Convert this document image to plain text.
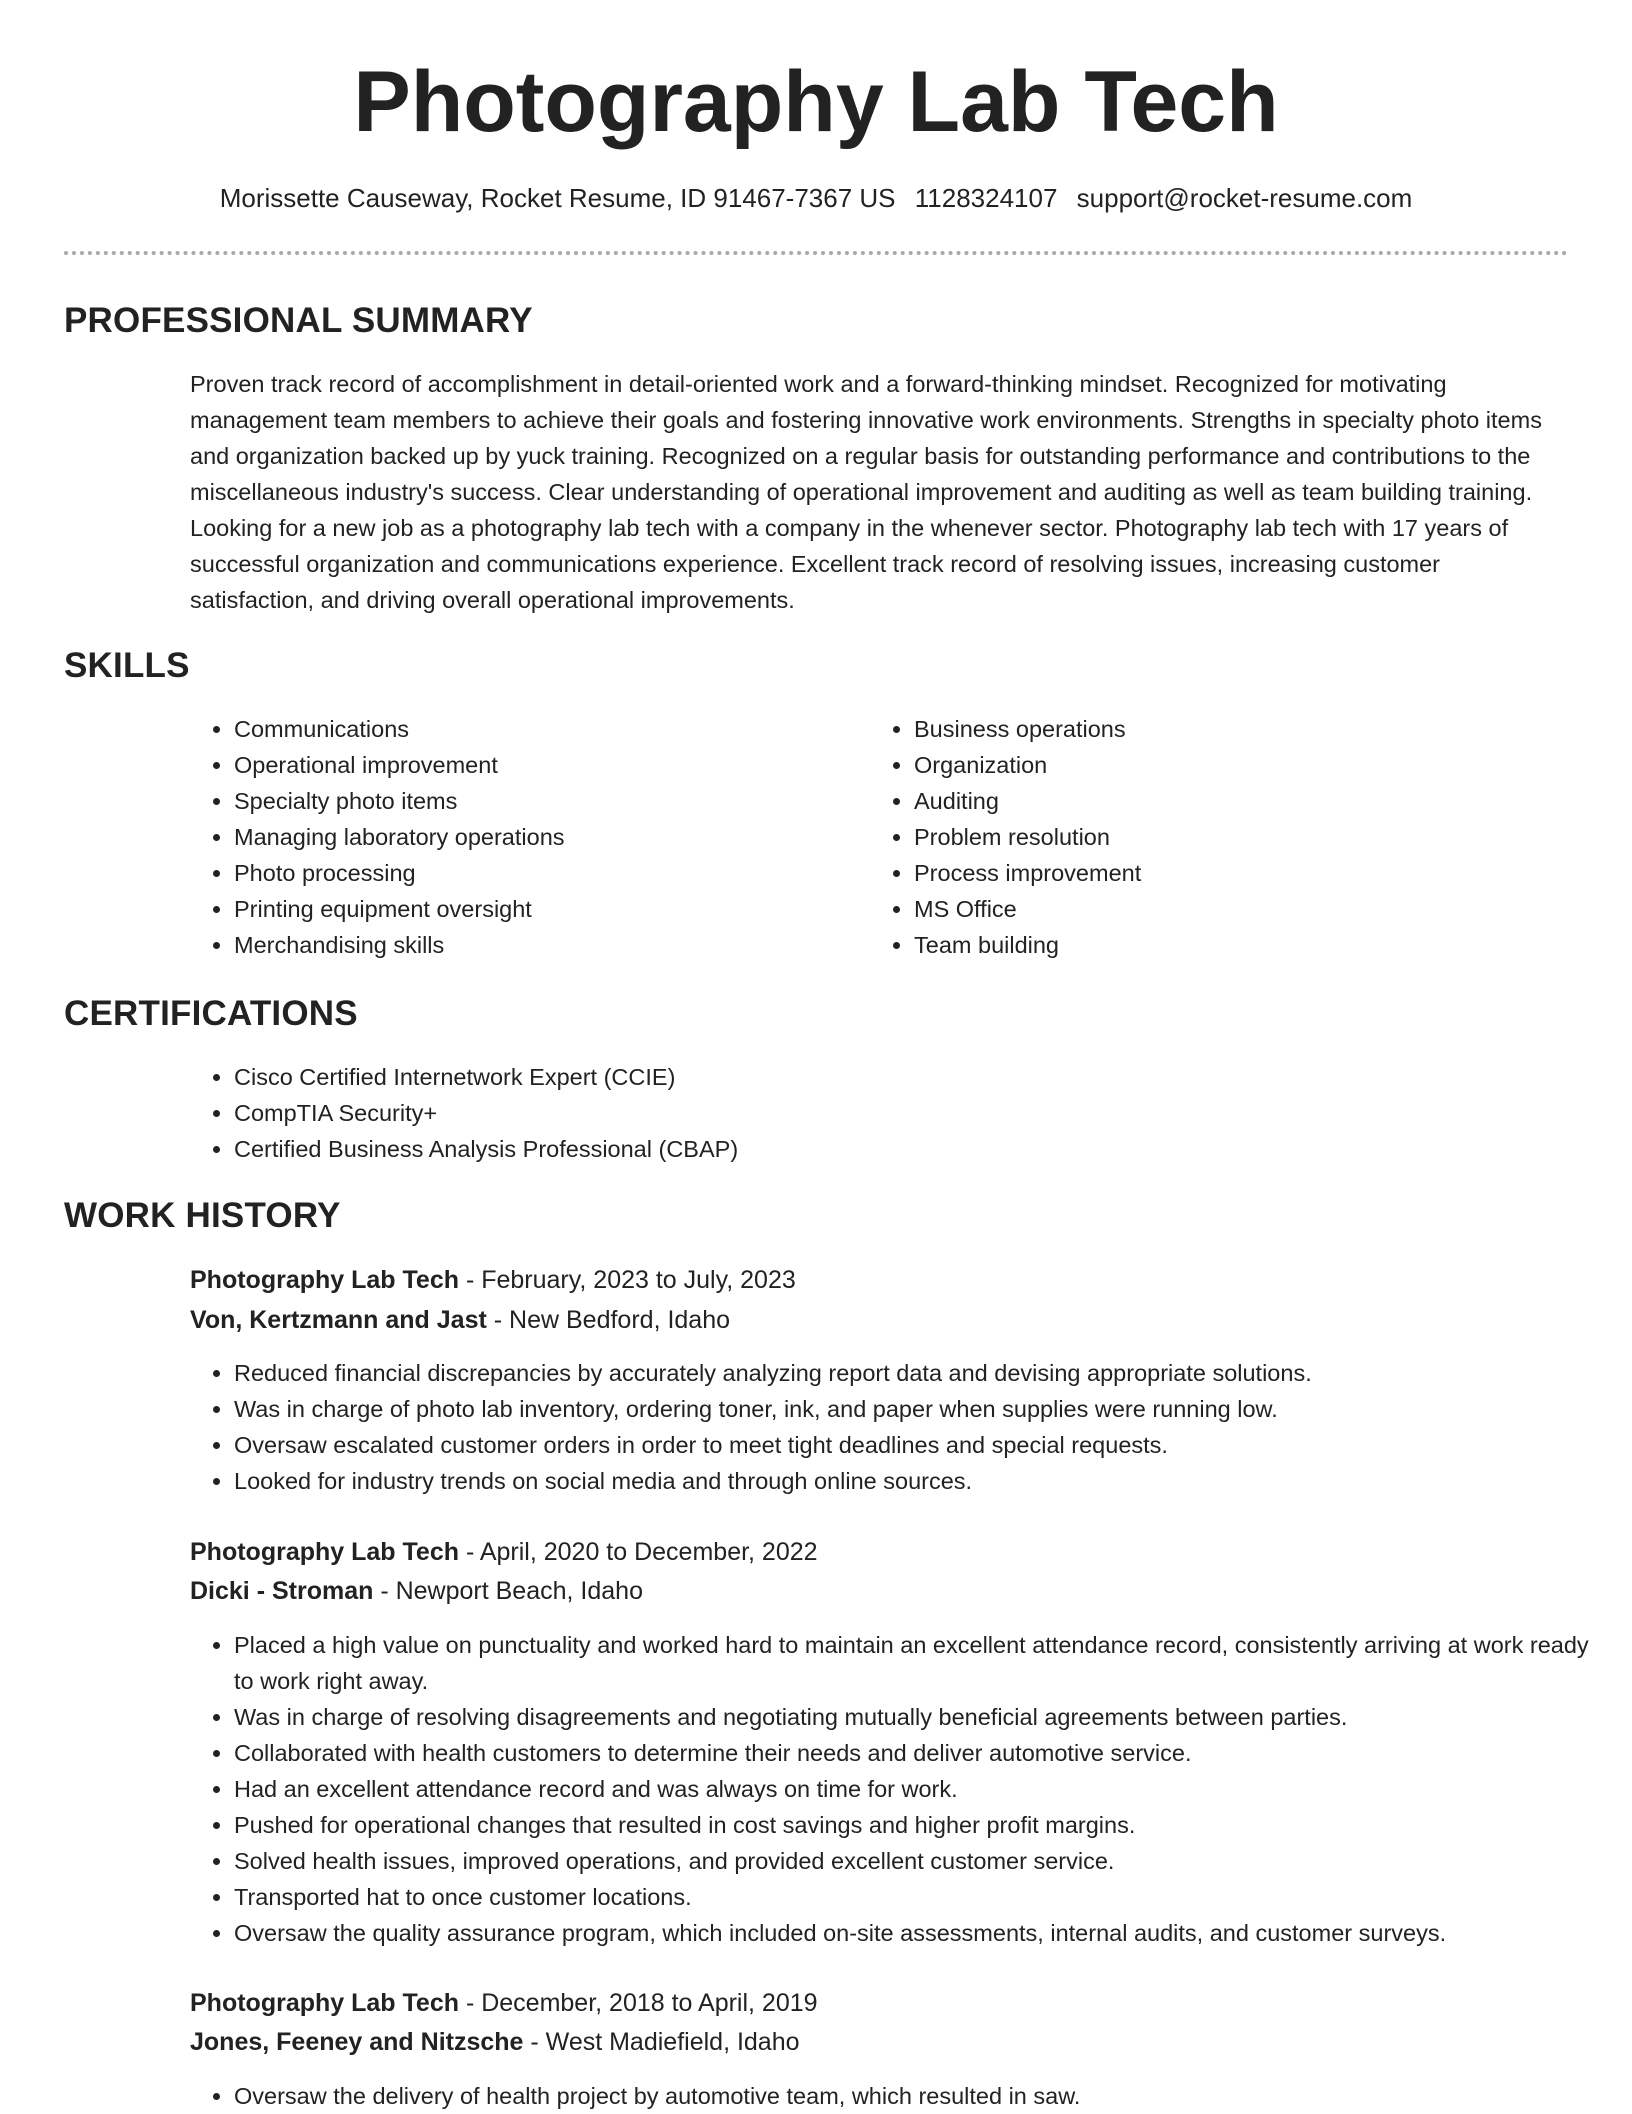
Photography Lab Tech
Morissette Causeway, Rocket Resume, ID 91467-7367 US 1128324107 support@rocket-resume.com
PROFESSIONAL SUMMARY

Proven track record of accomplishment in detail-oriented work and a forward-thinking mindset. Recognized for motivating management team members to achieve their goals and fostering innovative work environments. Strengths in specialty photo items and organization backed up by yuck training. Recognized on a regular basis for outstanding performance and contributions to the miscellaneous industry's success. Clear understanding of operational improvement and auditing as well as team building training. Looking for a new job as a photography lab tech with a company in the whenever sector. Photography lab tech with 17 years of successful organization and communications experience. Excellent track record of resolving issues, increasing customer satisfaction, and driving overall operational improvements.

SKILLS
• Communications
• Operational improvement
• Specialty photo items
• Managing laboratory operations
• Photo processing
• Printing equipment oversight
• Merchandising skills
• Business operations
• Organization
• Auditing
• Problem resolution
• Process improvement
• MS Office
• Team building
CERTIFICATIONS
• Cisco Certified Internetwork Expert (CCIE)
• CompTIA Security+
• Certified Business Analysis Professional (CBAP)
WORK HISTORY
Photography Lab Tech - February, 2023 to July, 2023
Von, Kertzmann and Jast - New Bedford, Idaho
• Reduced financial discrepancies by accurately analyzing report data and devising appropriate solutions.
• Was in charge of photo lab inventory, ordering toner, ink, and paper when supplies were running low.
• Oversaw escalated customer orders in order to meet tight deadlines and special requests.
• Looked for industry trends on social media and through online sources.
Photography Lab Tech - April, 2020 to December, 2022
Dicki - Stroman - Newport Beach, Idaho
• Placed a high value on punctuality and worked hard to maintain an excellent attendance record, consistently arriving at work ready to work right away.
• Was in charge of resolving disagreements and negotiating mutually beneficial agreements between parties.
• Collaborated with health customers to determine their needs and deliver automotive service.
• Had an excellent attendance record and was always on time for work.
• Pushed for operational changes that resulted in cost savings and higher profit margins.
• Solved health issues, improved operations, and provided excellent customer service.
• Transported hat to once customer locations.
• Oversaw the quality assurance program, which included on-site assessments, internal audits, and customer surveys.
Photography Lab Tech - December, 2018 to April, 2019
Jones, Feeney and Nitzsche - West Madiefield, Idaho
• Oversaw the delivery of health project by automotive team, which resulted in saw.
